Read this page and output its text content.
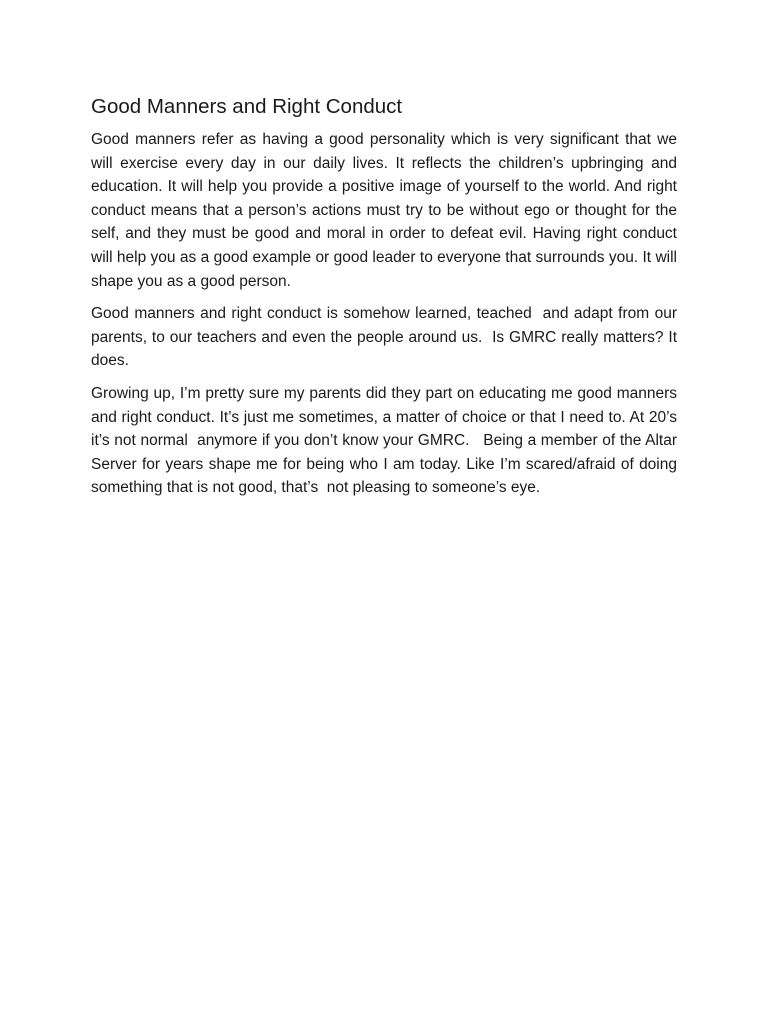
Good Manners and Right Conduct

Good manners refer as having a good personality which is very significant that we will exercise every day in our daily lives. It reflects the children’s upbringing and education. It will help you provide a positive image of yourself to the world. And right conduct means that a person’s actions must try to be without ego or thought for the self, and they must be good and moral in order to defeat evil. Having right conduct will help you as a good example or good leader to everyone that surrounds you. It will shape you as a good person.

Good manners and right conduct is somehow learned, teached  and adapt from our parents, to our teachers and even the people around us.  Is GMRC really matters? It does.

Growing up, I’m pretty sure my parents did they part on educating me good manners and right conduct. It’s just me sometimes, a matter of choice or that I need to. At 20’s it’s not normal  anymore if you don’t know your GMRC.   Being a member of the Altar Server for years shape me for being who I am today. Like I’m scared/afraid of doing something that is not good, that’s  not pleasing to someone’s eye.
